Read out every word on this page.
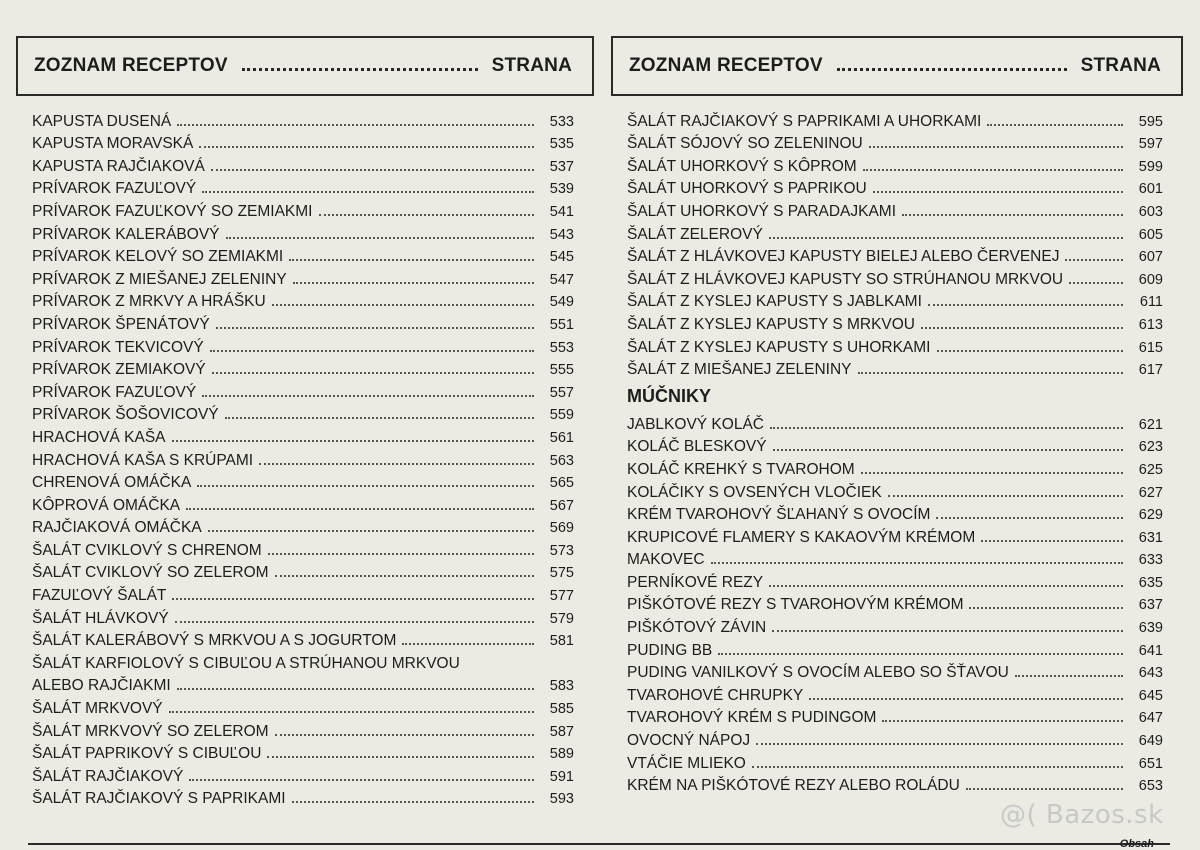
ZOZNAM RECEPTOV	STRANA
KAPUSTA DUSENÁ	533
KAPUSTA MORAVSKÁ	535
KAPUSTA RAJČIAKOVÁ	537
PRÍVAROK FAZUĽOVÝ	539
PRÍVAROK FAZUĽKOVÝ SO ZEMIAKMI	541
PRÍVAROK KALERÁBOVÝ	543
PRÍVAROK KELOVÝ SO ZEMIAKMI	545
PRÍVAROK Z MIEŠANEJ ZELENINY	547
PRÍVAROK Z MRKVY A HRÁŠKU	549
PRÍVAROK ŠPENÁTOVÝ	551
PRÍVAROK TEKVICOVÝ	553
PRÍVAROK ZEMIAKOVÝ	555
PRÍVAROK FAZUĽOVÝ	557
PRÍVAROK ŠOŠOVICOVÝ	559
HRACHOVÁ KAŠA	561
HRACHOVÁ KAŠA S KRÚPAMI	563
CHRENOVÁ OMÁČKA	565
KÔPROVÁ OMÁČKA	567
RAJČIAKOVÁ OMÁČKA	569
ŠALÁT CVIKLOVÝ S CHRENOM	573
ŠALÁT CVIKLOVÝ SO ZELEROM	575
FAZUĽOVÝ ŠALÁT	577
ŠALÁT HLÁVKOVÝ	579
ŠALÁT KALERÁBOVÝ S MRKVOU A S JOGURTOM	581
ŠALÁT KARFIOLOVÝ S CIBUĽOU A STRÚHANOU MRKVOU
ALEBO RAJČIAKMI	583
ŠALÁT MRKVOVÝ	585
ŠALÁT MRKVOVÝ SO ZELEROM	587
ŠALÁT PAPRIKOVÝ S CIBUĽOU	589
ŠALÁT RAJČIAKOVÝ	591
ŠALÁT RAJČIAKOVÝ S PAPRIKAMI	593
ZOZNAM RECEPTOV	STRANA
ŠALÁT RAJČIAKOVÝ S PAPRIKAMI A UHORKAMI	595
ŠALÁT SÓJOVÝ SO ZELENINOU	597
ŠALÁT UHORKOVÝ S KÔPROM	599
ŠALÁT UHORKOVÝ S PAPRIKOU	601
ŠALÁT UHORKOVÝ S PARADAJKAMI	603
ŠALÁT ZELEROVÝ	605
ŠALÁT Z HLÁVKOVEJ KAPUSTY BIELEJ ALEBO ČERVENEJ	607
ŠALÁT Z HLÁVKOVEJ KAPUSTY SO STRÚHANOU MRKVOU	609
ŠALÁT Z KYSLEJ KAPUSTY S JABLKAMI	611
ŠALÁT Z KYSLEJ KAPUSTY S MRKVOU	613
ŠALÁT Z KYSLEJ KAPUSTY S UHORKAMI	615
ŠALÁT Z MIEŠANEJ ZELENINY	617
MÚČNIKY
JABLKOVÝ KOLÁČ	621
KOLÁČ BLESKOVÝ	623
KOLÁČ KREHKÝ S TVAROHOM	625
KOLÁČIKY S OVSENÝCH VLOČIEK	627
KRÉM TVAROHOVÝ ŠĽAHANÝ S OVOCÍM	629
KRUPICOVÉ FLAMERY S KAKAOVÝM KRÉMOM	631
MAKOVEC	633
PERNÍKOVÉ REZY	635
PIŠKÓTOVÉ REZY S TVAROHOVÝM KRÉMOM	637
PIŠKÓTOVÝ ZÁVIN	639
PUDING BB	641
PUDING VANILKOVÝ S OVOCÍM ALEBO SO ŠŤAVOU	643
TVAROHOVÉ CHRUPKY	645
TVAROHOVÝ KRÉM S PUDINGOM	647
OVOCNÝ NÁPOJ	649
VTÁČIE MLIEKO	651
KRÉM NA PIŠKÓTOVÉ REZY ALEBO ROLÁDU	653
@( Bazos.sk
Obsah
